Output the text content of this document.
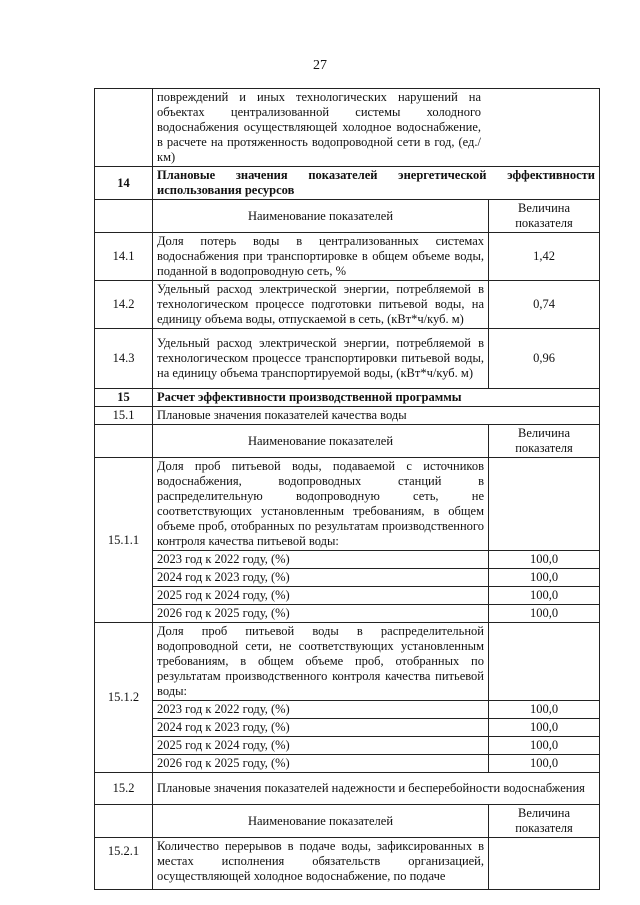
27
	повреждений и иных технологических нарушений на объектах централизованной системы холодного водоснабжения осуществляющей холодное водоснабжение, в расчете на протяженность водопроводной сети в год, (ед./км)	
14	Плановые значения показателей энергетической эффективности использования ресурсов	
	Наименование показателей	Величина показателя
14.1	Доля потерь воды в централизованных системах водоснабжения при транспортировке в общем объеме воды, поданной в водопроводную сеть, %	1,42
14.2	Удельный расход электрической энергии, потребляемой в технологическом процессе подготовки питьевой воды, на единицу объема воды, отпускаемой в сеть, (кВт*ч/куб. м)	0,74
14.3	Удельный расход электрической энергии, потребляемой в технологическом процессе транспортировки питьевой воды, на единицу объема транспортируемой воды, (кВт*ч/куб. м)	0,96
15	Расчет эффективности производственной программы	
15.1	Плановые значения показателей качества воды	
	Наименование показателей	Величина показателя
15.1.1	Доля проб питьевой воды, подаваемой с источников водоснабжения, водопроводных станций в распределительную водопроводную сеть, не соответствующих установленным требованиям, в общем объеме проб, отобранных по результатам производственного контроля качества питьевой воды:	
	2023 год к 2022 году, (%)	100,0
	2024 год к 2023 году, (%)	100,0
	2025 год к 2024 году, (%)	100,0
	2026 год к 2025 году, (%)	100,0
15.1.2	Доля проб питьевой воды в распределительной водопроводной сети, не соответствующих установленным требованиям, в общем объеме проб, отобранных по результатам производственного контроля качества питьевой воды:	
	2023 год к 2022 году, (%)	100,0
	2024 год к 2023 году, (%)	100,0
	2025 год к 2024 году, (%)	100,0
	2026 год к 2025 году, (%)	100,0
15.2	Плановые значения показателей надежности и бесперебойности водоснабжения	
	Наименование показателей	Величина показателя
15.2.1	Количество перерывов в подаче воды, зафиксированных в местах исполнения обязательств организацией, осуществляющей холодное водоснабжение, по подаче	
